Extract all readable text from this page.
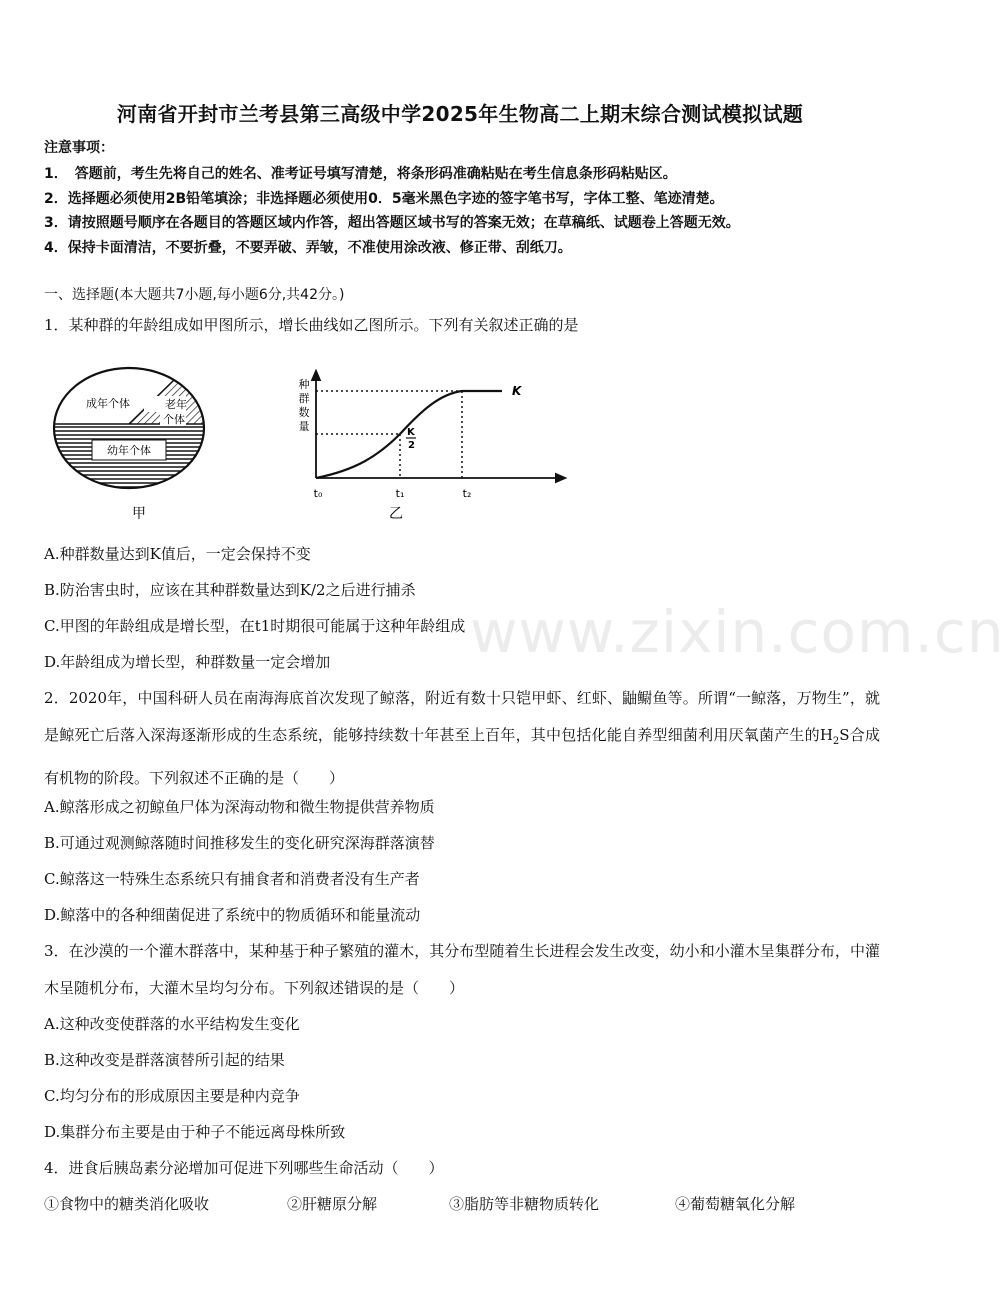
www.zixin.com.cn
河南省开封市兰考县第三高级中学2025年生物高二上期末综合测试模拟试题
注意事项：
1．　答题前，考生先将自己的姓名、准考证号填写清楚，将条形码准确粘贴在考生信息条形码粘贴区。
2．选择题必须使用2B铅笔填涂；非选择题必须使用0．5毫米黑色字迹的签字笔书写，字体工整、笔迹清楚。
3．请按照题号顺序在各题目的答题区域内作答，超出答题区域书写的答案无效；在草稿纸、试题卷上答题无效。
4．保持卡面清洁，不要折叠，不要弄破、弄皱，不准使用涂改液、修正带、刮纸刀。
一、选择题(本大题共7小题,每小题6分,共42分。)
1．某种群的年龄组成如甲图所示，增长曲线如乙图所示。下列有关叙述正确的是
成年个体	老年
个体
幼年个体
甲
种
群
数
量
K
K
2
t₀	t₁	t₂
乙
A.种群数量达到K值后，一定会保持不变
B.防治害虫时，应该在其种群数量达到K/2之后进行捕杀
C.甲图的年龄组成是增长型，在t1时期很可能属于这种年龄组成
D.年龄组成为增长型，种群数量一定会增加
2．2020年，中国科研人员在南海海底首次发现了鲸落，附近有数十只铠甲虾、红虾、鼬鳚鱼等。所谓“一鲸落，万物生”，就是鲸死亡后落入深海逐渐形成的生态系统，能够持续数十年甚至上百年，其中包括化能自养型细菌利用厌氧菌产生的$H_2S$合成有机物的阶段。下列叙述不正确的是（　　）
A.鲸落形成之初鲸鱼尸体为深海动物和微生物提供营养物质
B.可通过观测鲸落随时间推移发生的变化研究深海群落演替
C.鲸落这一特殊生态系统只有捕食者和消费者没有生产者
D.鲸落中的各种细菌促进了系统中的物质循环和能量流动
3．在沙漠的一个灌木群落中，某种基于种子繁殖的灌木，其分布型随着生长进程会发生改变，幼小和小灌木呈集群分布，中灌木呈随机分布，大灌木呈均匀分布。下列叙述错误的是（　　）
A.这种改变使群落的水平结构发生变化
B.这种改变是群落演替所引起的结果
C.均匀分布的形成原因主要是种内竞争
D.集群分布主要是由于种子不能远离母株所致
4．进食后胰岛素分泌增加可促进下列哪些生命活动（　　）
①食物中的糖类消化吸收	②肝糖原分解	③脂肪等非糖物质转化	④葡萄糖氧化分解
